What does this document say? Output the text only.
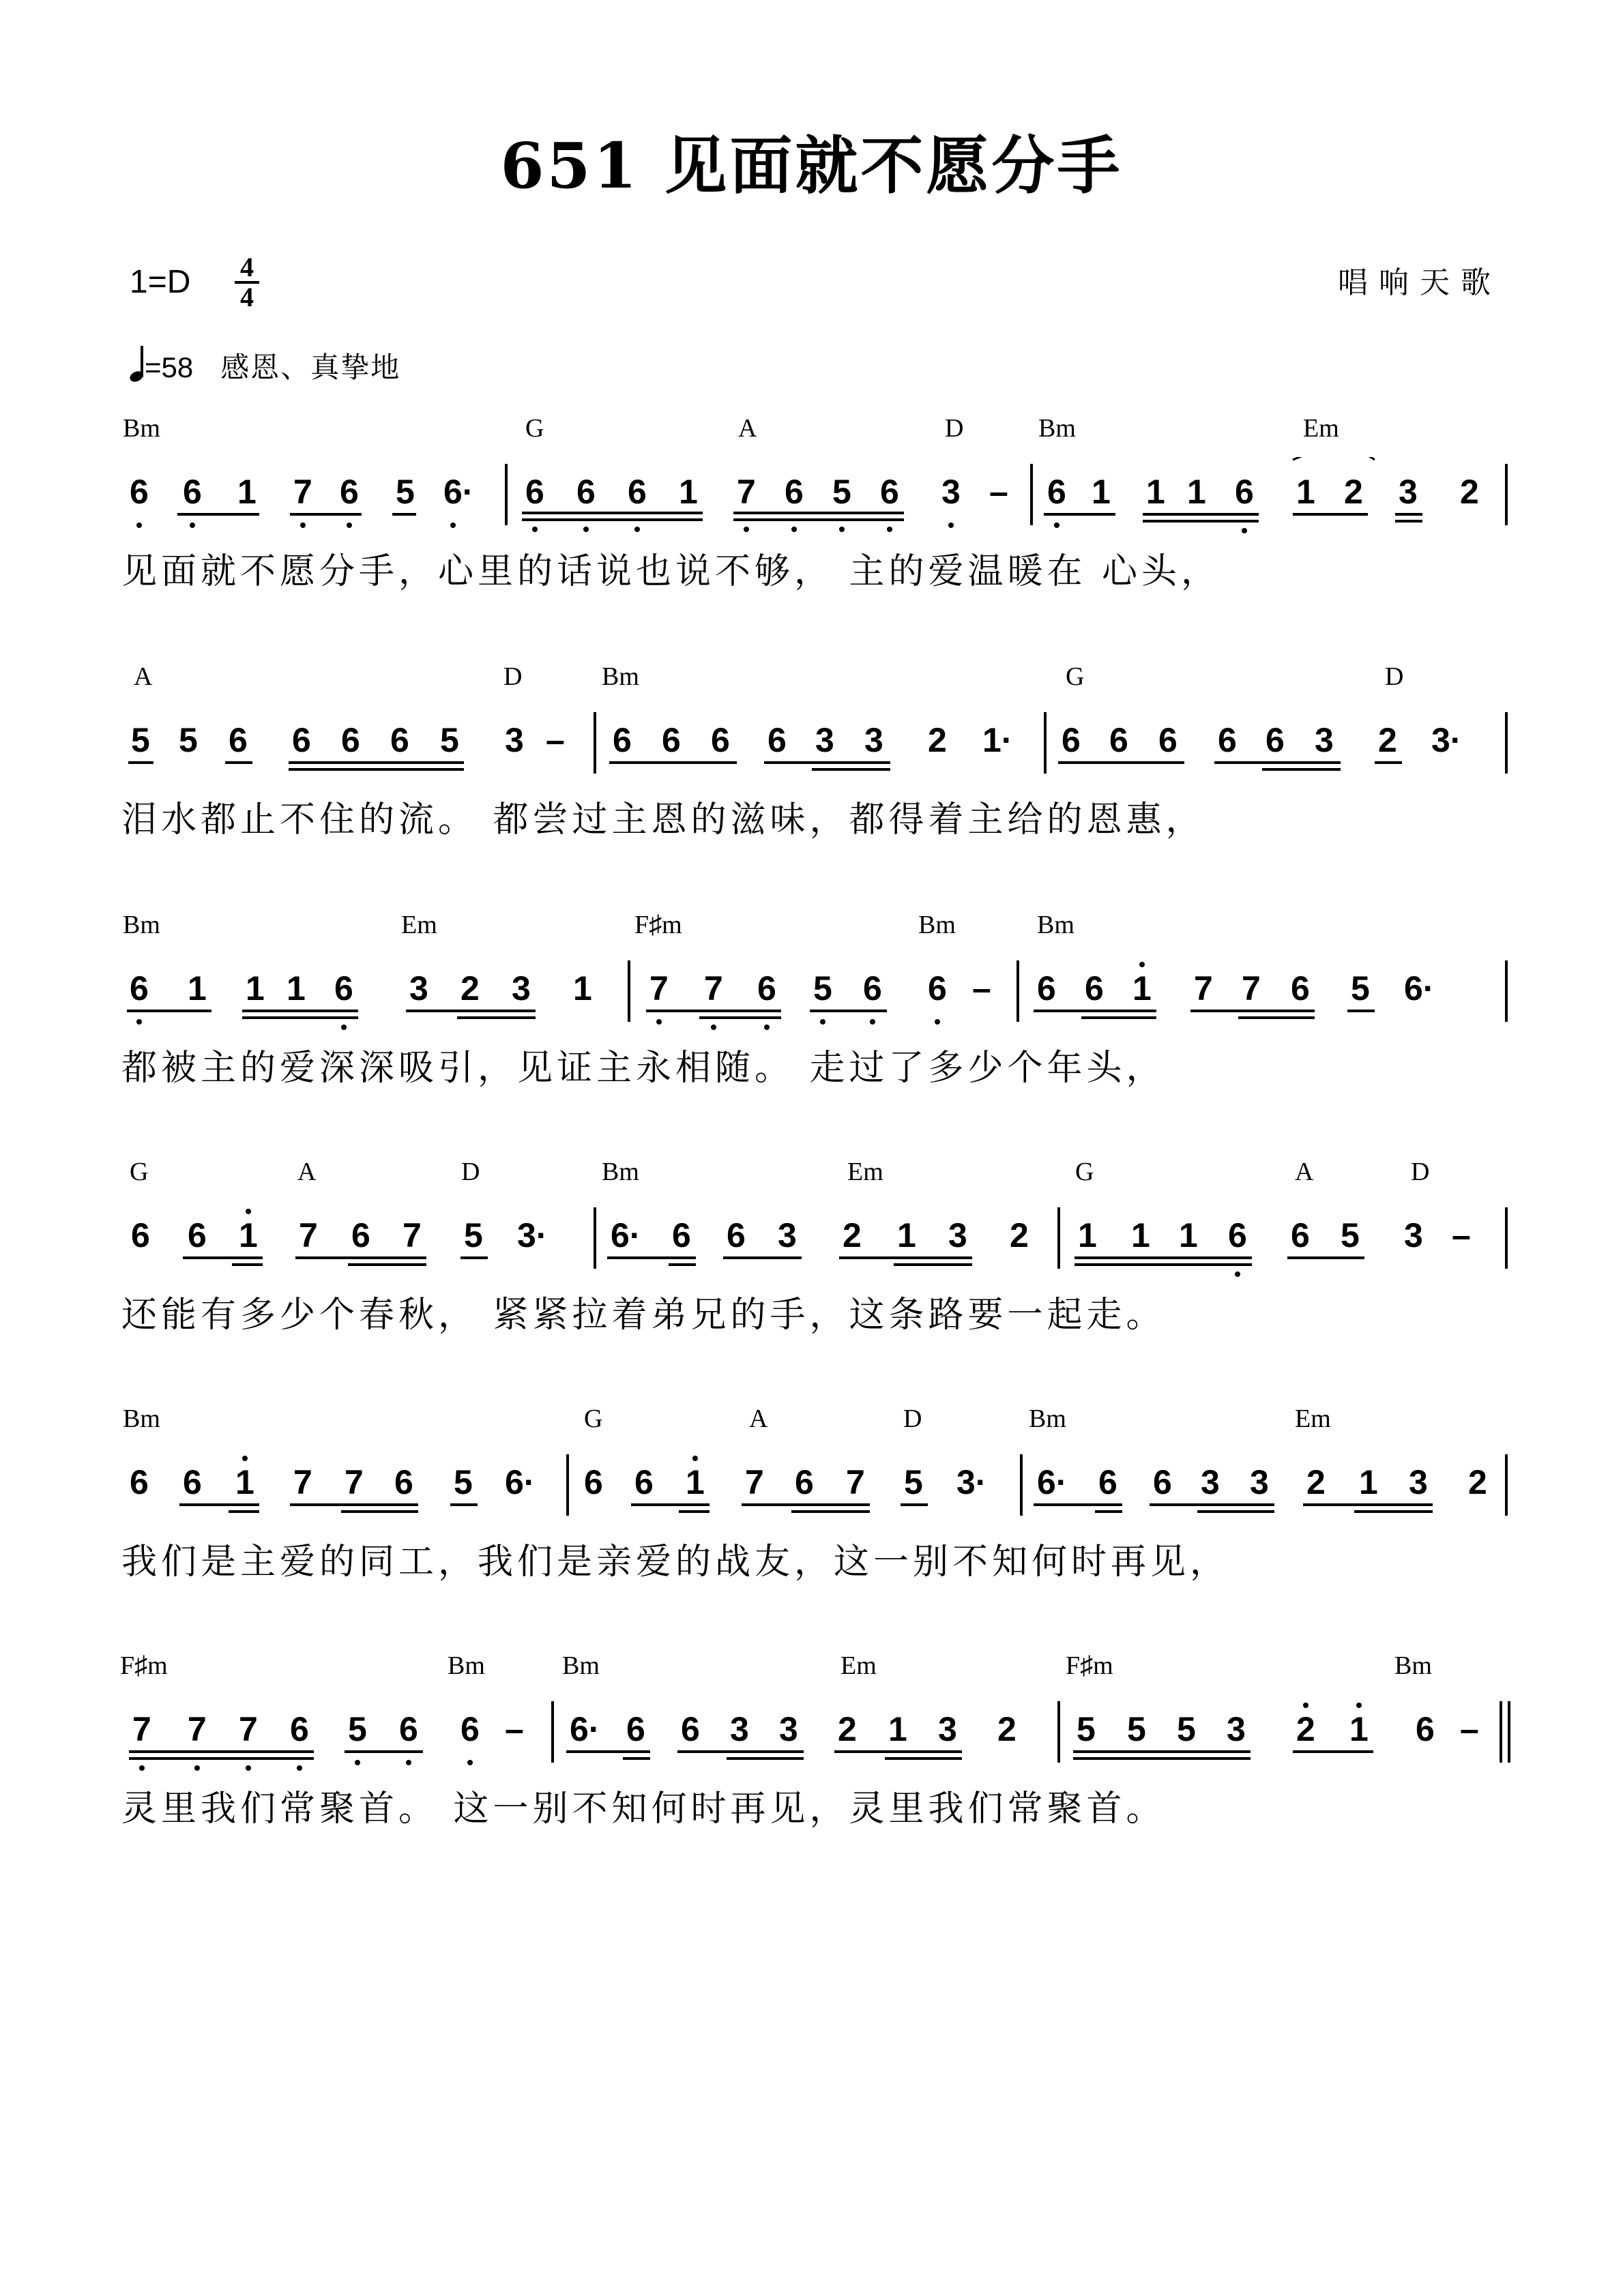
651 见面就不愿分手
唱响天歌
1=D 4
4
=58 感恩、真挚地
Bm	G	A	D	Bm	Em
6 6 1 7 6 5 6· 6 6 6 1 7 6 5 6 3 – 6 1 1 1 6 1 2 3 2
见面就不愿分手，心里的话说也说不够， 主的爱温暖在 心头，
A	D	Bm	G	D
5 5 6 6 6 6 5 3 – 6 6 6 6 3 3 2 1· 6 6 6 6 6 3 2 3·
泪水都止不住的流。 都尝过主恩的滋味，都得着主给的恩惠，
Bm	Em	F♯m	Bm	Bm
6 1 1 1 6 3 2 3 1 7 7 6 5 6 6 – 6 6 1 7 7 6 5 6·
都被主的爱深深吸引，见证主永相随。 走过了多少个年头，
G	A	D	Bm	Em	G	A	D
6 6 1 7 6 7 5 3· 6· 6 6 3 2 1 3 2 1 1 1 6 6 5 3 –
还能有多少个春秋， 紧紧拉着弟兄的手，这条路要一起走。
Bm	G	A	D	Bm	Em
6 6 1 7 7 6 5 6· 6 6 1 7 6 7 5 3· 6· 6 6 3 3 2 1 3 2
我们是主爱的同工，我们是亲爱的战友，这一别不知何时再见，
F♯m	Bm	Bm	Em	F♯m	Bm
7 7 7 6 5 6 6 – 6· 6 6 3 3 2 1 3 2 5 5 5 3 2 1 6 –
灵里我们常聚首。 这一别不知何时再见，灵里我们常聚首。
